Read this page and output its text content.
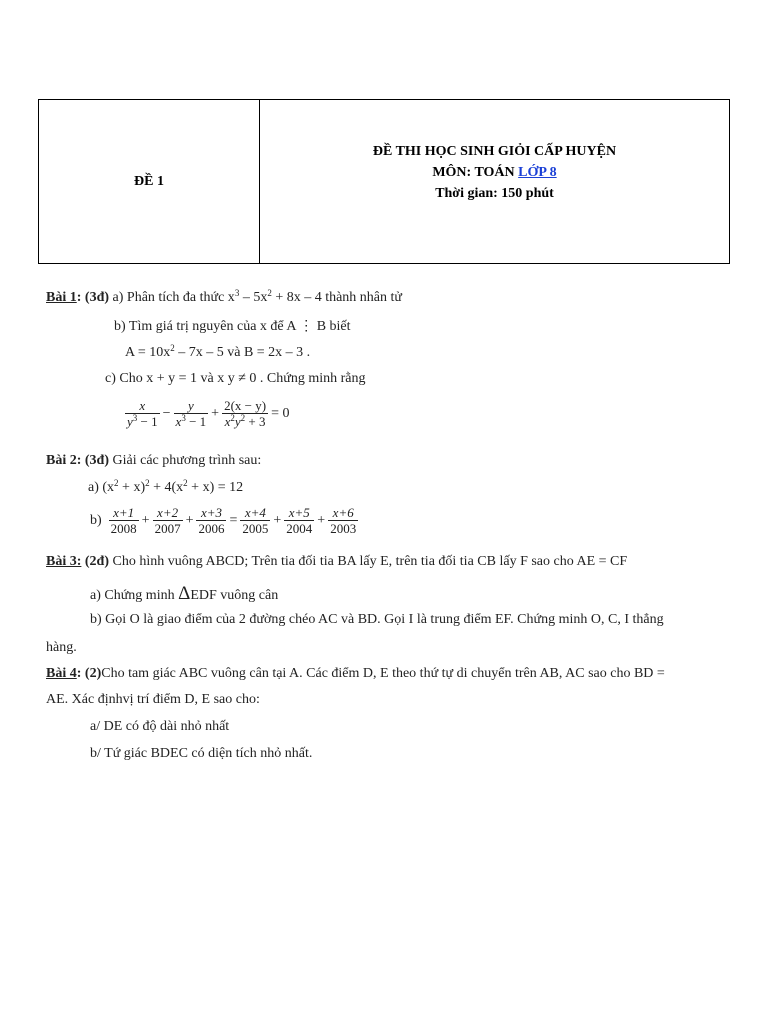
ĐỀ 1
ĐỀ THI HỌC SINH GIỎI CẤP HUYỆN
MÔN: TOÁN LỚP 8
Thời gian: 150 phút
Bài 1: (3đ) a) Phân tích đa thức $x^3 - 5x^2 + 8x - 4$ thành nhân tử
b) Tìm giá trị nguyên của x để A ⋮ B biết
$A = 10x^2 - 7x - 5$ và B = 2x – 3 .
c) Cho x + y = 1 và x y ≠ 0 . Chứng minh rằng
$\frac{x}{y^3 - 1} - \frac{y}{x^3 - 1} + \frac{2(x - y)}{x^2y^2 + 3} = 0$
Bài 2: (3đ) Giải các phương trình sau:
a) $(x^2 + x)^2 + 4(x^2 + x) = 12$
$b) \frac{x+1}{2008} + \frac{x+2}{2007} + \frac{x+3}{2006} = \frac{x+4}{2005} + \frac{x+5}{2004} + \frac{x+6}{2003}$
Bài 3: (2đ) Cho hình vuông ABCD; Trên tia đối tia BA lấy E, trên tia đối tia CB lấy F sao cho AE = CF
a) Chứng minh ΔEDF vuông cân
b) Gọi O là giao điểm của 2 đường chéo AC và BD. Gọi I là trung điểm EF. Chứng minh O, C, I thẳng
hàng.
Bài 4: (2)Cho tam giác ABC vuông cân tại A. Các điểm D, E theo thứ tự di chuyển trên AB, AC sao cho BD =
AE. Xác địnhvị trí điểm D, E sao cho:
a/ DE có độ dài nhỏ nhất
b/ Tứ giác BDEC có diện tích nhỏ nhất.
